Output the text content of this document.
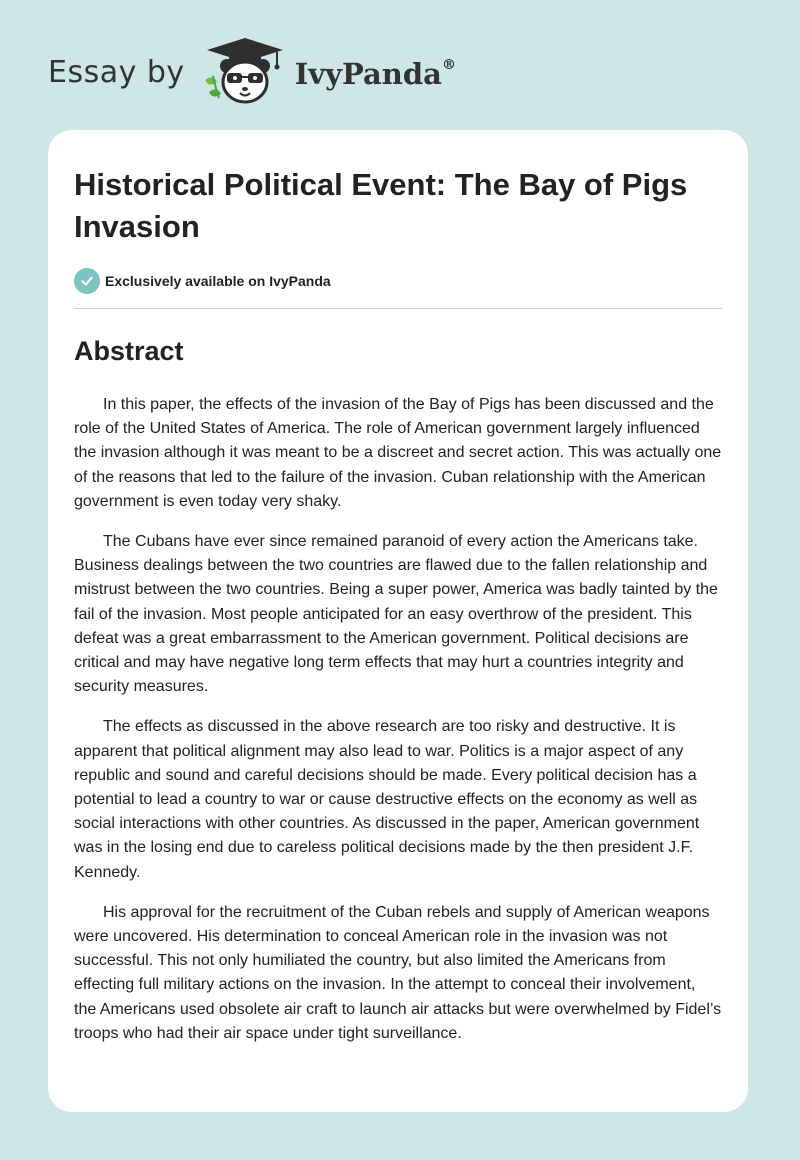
Essay by	IvyPanda®
Historical Political Event: The Bay of Pigs Invasion
Exclusively available on IvyPanda
Abstract

In this paper, the effects of the invasion of the Bay of Pigs has been discussed and the role of the United States of America. The role of American government largely influenced the invasion although it was meant to be a discreet and secret action. This was actually one of the reasons that led to the failure of the invasion. Cuban relationship with the American government is even today very shaky.

The Cubans have ever since remained paranoid of every action the Americans take. Business dealings between the two countries are flawed due to the fallen relationship and mistrust between the two countries. Being a super power, America was badly tainted by the fail of the invasion. Most people anticipated for an easy overthrow of the president. This defeat was a great embarrassment to the American government. Political decisions are critical and may have negative long term effects that may hurt a countries integrity and security measures.

The effects as discussed in the above research are too risky and destructive. It is apparent that political alignment may also lead to war. Politics is a major aspect of any republic and sound and careful decisions should be made. Every political decision has a potential to lead a country to war or cause destructive effects on the economy as well as social interactions with other countries. As discussed in the paper, American government was in the losing end due to careless political decisions made by the then president J.F. Kennedy.

His approval for the recruitment of the Cuban rebels and supply of American weapons were uncovered. His determination to conceal American role in the invasion was not successful. This not only humiliated the country, but also limited the Americans from effecting full military actions on the invasion. In the attempt to conceal their involvement, the Americans used obsolete air craft to launch air attacks but were overwhelmed by Fidel’s troops who had their air space under tight surveillance.
